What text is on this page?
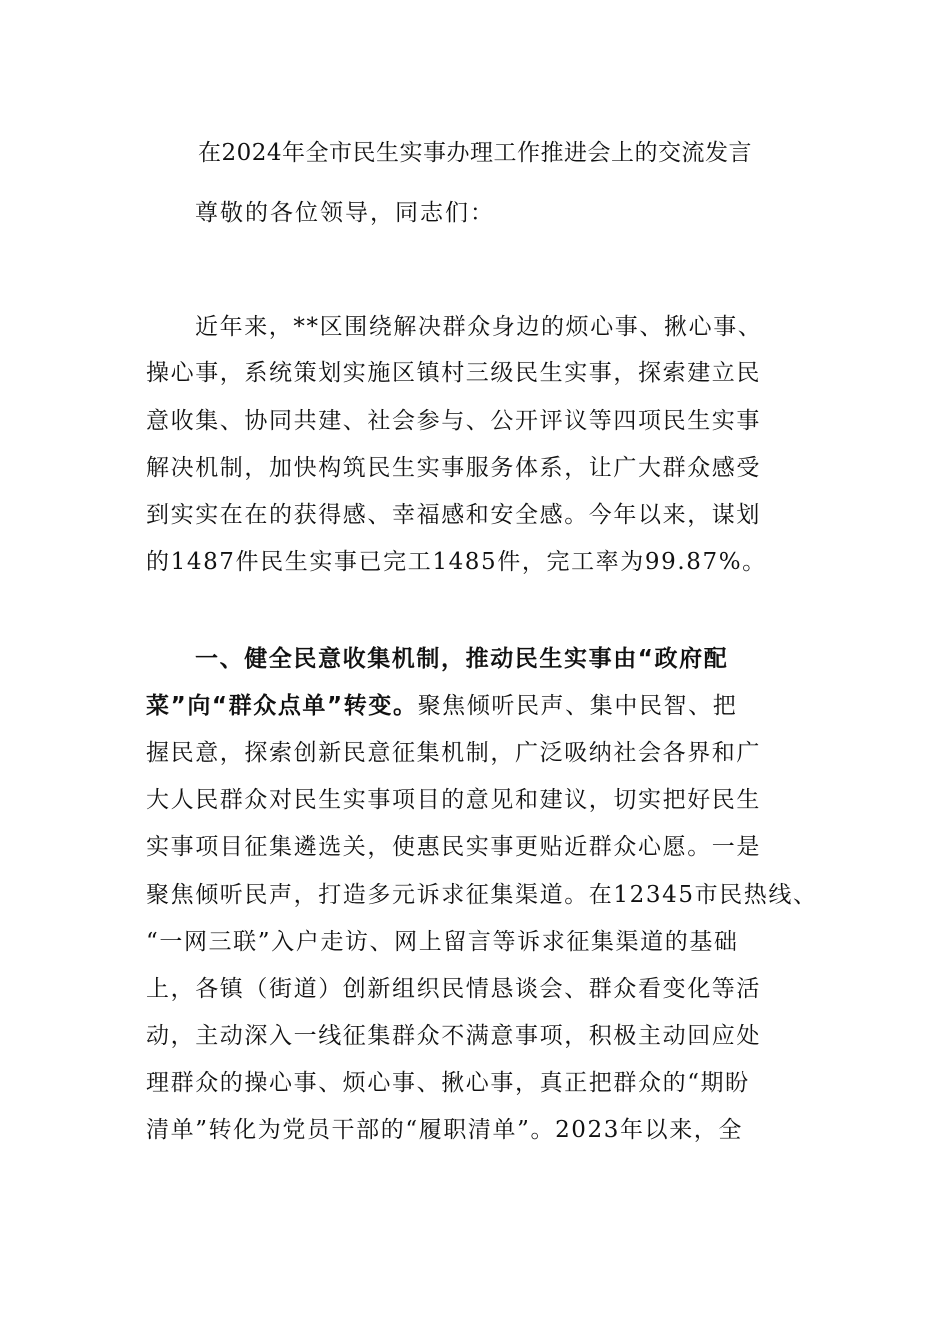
在2024年全市民生实事办理工作推进会上的交流发言
尊敬的各位领导，同志们：
近年来，**区围绕解决群众身边的烦心事、揪心事、
操心事，系统策划实施区镇村三级民生实事，探索建立民
意收集、协同共建、社会参与、公开评议等四项民生实事
解决机制，加快构筑民生实事服务体系，让广大群众感受
到实实在在的获得感、幸福感和安全感。今年以来，谋划
的1487件民生实事已完工1485件，完工率为99.87%。
一、健全民意收集机制，推动民生实事由“政府配
菜”向“群众点单”转变。聚焦倾听民声、集中民智、把
握民意，探索创新民意征集机制，广泛吸纳社会各界和广
大人民群众对民生实事项目的意见和建议，切实把好民生
实事项目征集遴选关，使惠民实事更贴近群众心愿。一是
聚焦倾听民声，打造多元诉求征集渠道。在12345市民热线、
“一网三联”入户走访、网上留言等诉求征集渠道的基础
上，各镇（街道）创新组织民情恳谈会、群众看变化等活
动，主动深入一线征集群众不满意事项，积极主动回应处
理群众的操心事、烦心事、揪心事，真正把群众的“期盼
清单”转化为党员干部的“履职清单”。2023年以来，全
